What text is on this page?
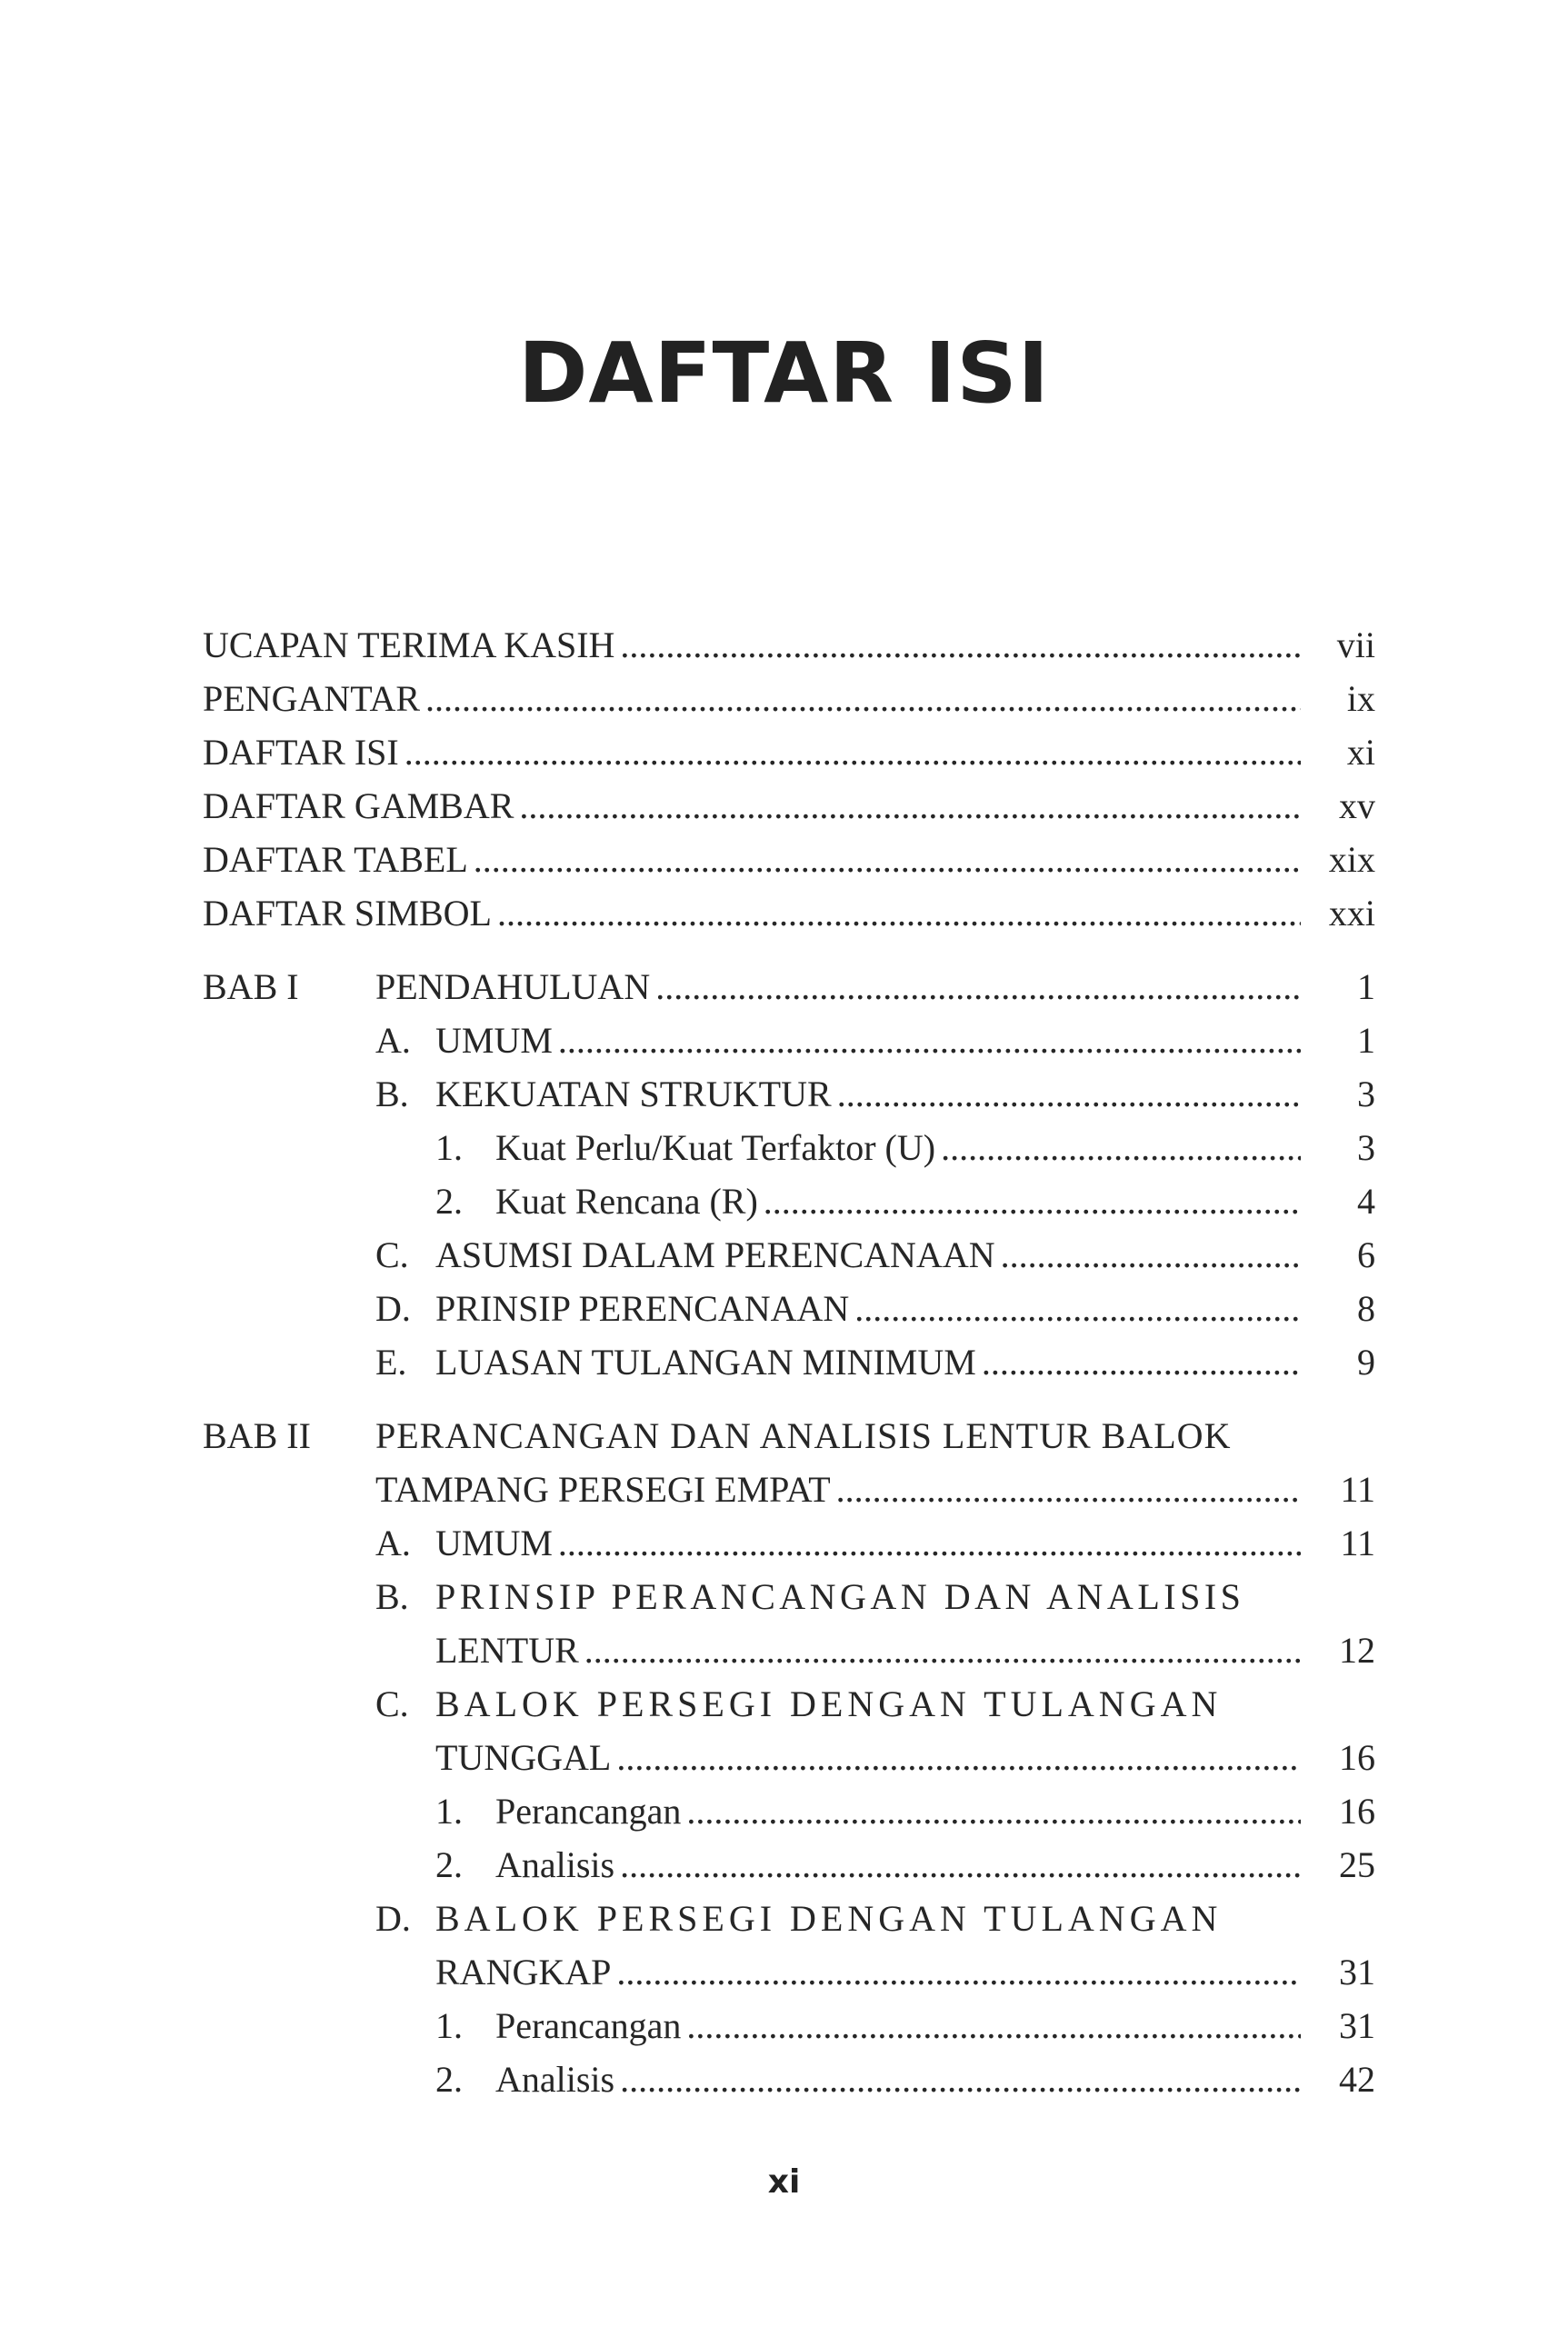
DAFTAR ISI
UCAPAN TERIMA KASIH .....	vii
PENGANTAR .....	ix
DAFTAR ISI .....	xi
DAFTAR GAMBAR .....	xv
DAFTAR TABEL .....	xix
DAFTAR SIMBOL .....	xxi
BAB I	PENDAHULUAN .....	1
A. UMUM .....	1
B. KEKUATAN STRUKTUR .....	3
1. Kuat Perlu/Kuat Terfaktor (U) .....	3
2. Kuat Rencana (R) .....	4
C. ASUMSI DALAM PERENCANAAN .....	6
D. PRINSIP PERENCANAAN .....	8
E. LUASAN TULANGAN MINIMUM .....	9
BAB II	PERANCANGAN DAN ANALISIS LENTUR BALOK
TAMPANG PERSEGI EMPAT .....	11
A. UMUM .....	11
B. PRINSIP PERANCANGAN DAN ANALISIS
LENTUR .....	12
C. BALOK PERSEGI DENGAN TULANGAN
TUNGGAL .....	16
1. Perancangan .....	16
2. Analisis .....	25
D. BALOK PERSEGI DENGAN TULANGAN
RANGKAP .....	31
1. Perancangan .....	31
2. Analisis .....	42
xi
